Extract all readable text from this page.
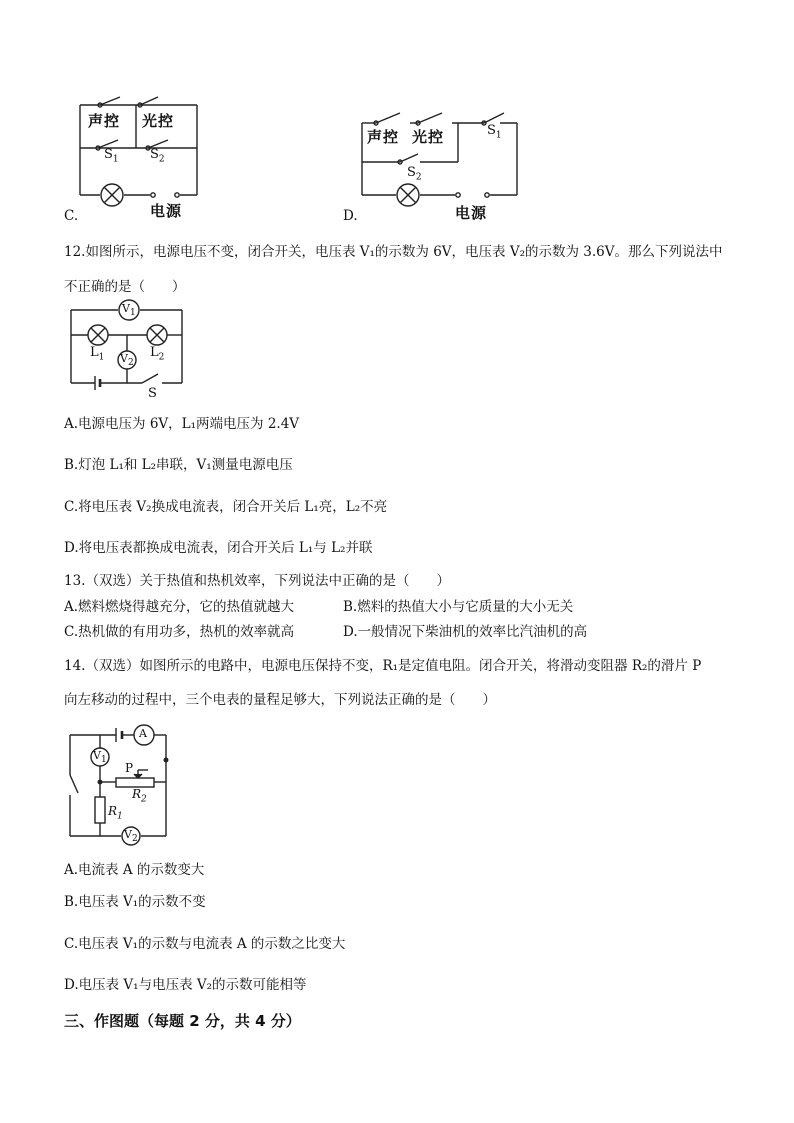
声控 光控
$S_1$ $S_2$
电源
C.
声控 光控	$S_1$
$S_2$
电源
D.
12.如图所示，电源电压不变，闭合开关，电压表 V₁的示数为 6V，电压表 V₂的示数为 3.6V。那么下列说法中
不正确的是（　　）
$V_1$
$V_2$
$L_1$	$L_2$
S
A.电源电压为 6V，L₁两端电压为 2.4V
B.灯泡 L₁和 L₂串联，V₁测量电源电压
C.将电压表 V₂换成电流表，闭合开关后 L₁亮，L₂不亮
D.将电压表都换成电流表，闭合开关后 L₁与 L₂并联
13.（双选）关于热值和热机效率，下列说法中正确的是（　　）
A.燃料燃烧得越充分，它的热值就越大	B.燃料的热值大小与它质量的大小无关
C.热机做的有用功多，热机的效率就高	D.一般情况下柴油机的效率比汽油机的高
14.（双选）如图所示的电路中，电源电压保持不变，R₁是定值电阻。闭合开关，将滑动变阻器 R₂的滑片 P
向左移动的过程中，三个电表的量程足够大，下列说法正确的是（　　）
A
$V_1$
$V_2$
P
$R_2$
$R_1$
A.电流表 A 的示数变大
B.电压表 V₁的示数不变
C.电压表 V₁的示数与电流表 A 的示数之比变大
D.电压表 V₁与电压表 V₂的示数可能相等
三、作图题（每题 2 分，共 4 分）
